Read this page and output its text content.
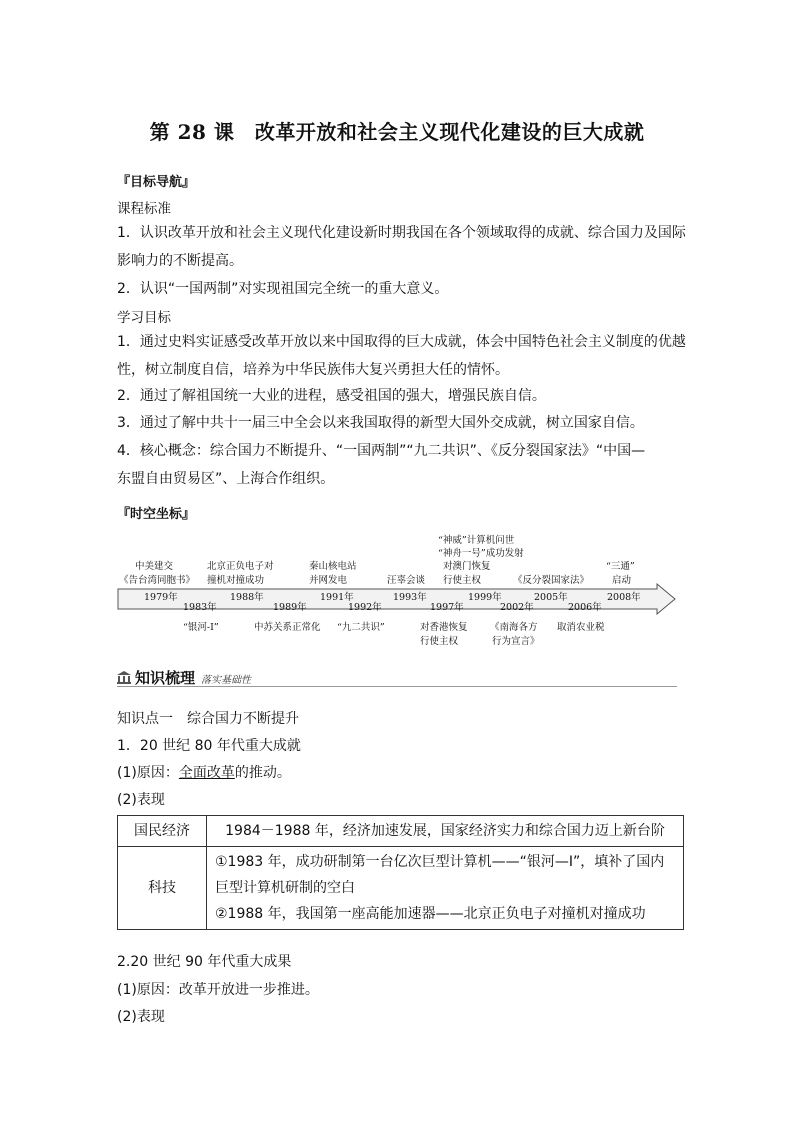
第 28 课　改革开放和社会主义现代化建设的巨大成就
『目标导航』
课程标准
1．认识改革开放和社会主义现代化建设新时期我国在各个领域取得的成就、综合国力及国际
影响力的不断提高。
2．认识“一国两制”对实现祖国完全统一的重大意义。
学习目标
1．通过史料实证感受改革开放以来中国取得的巨大成就，体会中国特色社会主义制度的优越
性，树立制度自信，培养为中华民族伟大复兴勇担大任的情怀。
2．通过了解祖国统一大业的进程，感受祖国的强大，增强民族自信。
3．通过了解中共十一届三中全会以来我国取得的新型大国外交成就，树立国家自信。
4．核心概念：综合国力不断提升、“一国两制”“九二共识”、《反分裂国家法》“中国—
东盟自由贸易区”、上海合作组织。
『时空坐标』
中美建交
《告台湾同胞书》
北京正负电子对
撞机对撞成功
秦山核电站
并网发电	汪辜会谈
“神威”计算机问世
“神舟一号”成功发射
对澳门恢复
行使主权	《反分裂国家法》
“三通”
启动
1979年	1988年	1991年	1993年	1999年	2005年	2008年
1983年	1989年	1992年	1997年	2002年	2006年
“银河-I”	中苏关系正常化 “九二共识”	对香港恢复
行使主权
《南海各方
行为宣言》
取消农业税
知识梳理 落实基础性
知识点一　综合国力不断提升
1．20 世纪 80 年代重大成就
(1)原因：全面改革的推动。
(2)表现
国民经济	1984－1988 年，经济加速发展，国家经济实力和综合国力迈上新台阶
科技	①1983 年，成功研制第一台亿次巨型计算机——“银河—Ⅰ”，填补了国内
巨型计算机研制的空白
②1988 年，我国第一座高能加速器——北京正负电子对撞机对撞成功
2.20 世纪 90 年代重大成果
(1)原因：改革开放进一步推进。
(2)表现
